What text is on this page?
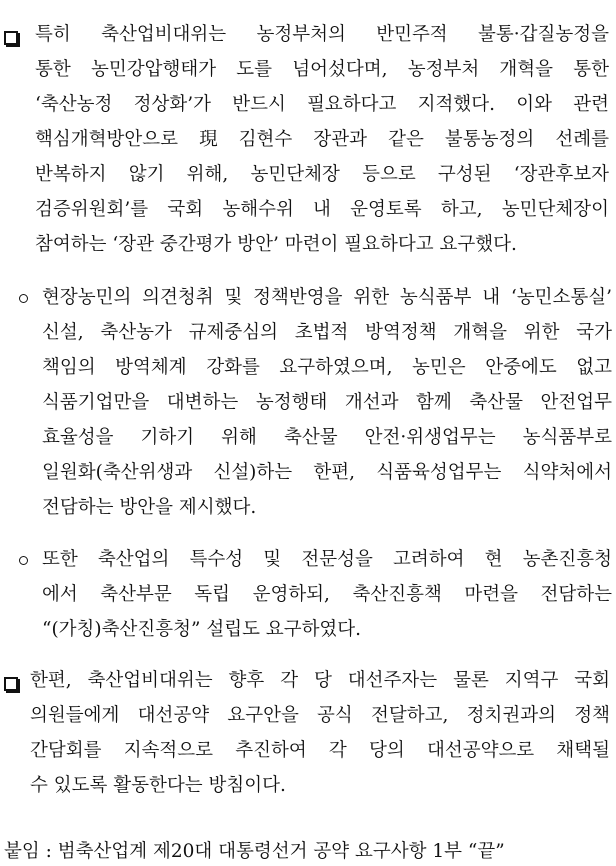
특히 축산업비대위는 농정부처의 반민주적 불통·갑질농정을
통한 농민강압행태가 도를 넘어섰다며, 농정부처 개혁을 통한
‘축산농정 정상화’가 반드시 필요하다고 지적했다. 이와 관련
핵심개혁방안으로 現 김현수 장관과 같은 불통농정의 선례를
반복하지 않기 위해, 농민단체장 등으로 구성된 ‘장관후보자
검증위원회’를 국회 농해수위 내 운영토록 하고, 농민단체장이
참여하는 ‘장관 중간평가 방안’ 마련이 필요하다고 요구했다.
현장농민의 의견청취 및 정책반영을 위한 농식품부 내 ‘농민소통실’
신설, 축산농가 규제중심의 초법적 방역정책 개혁을 위한 국가
책임의 방역체계 강화를 요구하였으며, 농민은 안중에도 없고
식품기업만을 대변하는 농정행태 개선과 함께 축산물 안전업무
효율성을 기하기 위해 축산물 안전·위생업무는 농식품부로
일원화(축산위생과 신설)하는 한편, 식품육성업무는 식약처에서
전담하는 방안을 제시했다.
또한 축산업의 특수성 및 전문성을 고려하여 현 농촌진흥청
에서 축산부문 독립 운영하되, 축산진흥책 마련을 전담하는
“(가칭)축산진흥청” 설립도 요구하였다.
한편, 축산업비대위는 향후 각 당 대선주자는 물론 지역구 국회
의원들에게 대선공약 요구안을 공식 전달하고, 정치권과의 정책
간담회를 지속적으로 추진하여 각 당의 대선공약으로 채택될
수 있도록 활동한다는 방침이다.
붙임 : 범축산업계 제20대 대통령선거 공약 요구사항 1부 “끝”
